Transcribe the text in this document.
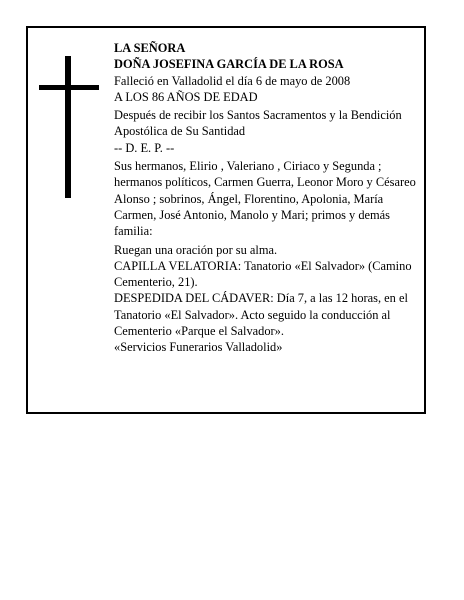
LA SEÑORA

DOÑA JOSEFINA GARCÍA DE LA ROSA

Falleció en Valladolid el día 6 de mayo de 2008

A LOS 86 AÑOS DE EDAD

Después de recibir los Santos Sacramentos y la Bendición Apostólica de Su Santidad

-- D. E. P. --

Sus hermanos, Elirio , Valeriano , Ciriaco y Segunda ; hermanos políticos, Carmen Guerra, Leonor Moro y Césareo Alonso ; sobrinos, Ángel, Florentino, Apolonia, María Carmen, José Antonio, Manolo y Mari; primos y demás familia:

Ruegan una oración por su alma.

CAPILLA VELATORIA: Tanatorio «El Salvador» (Camino Cementerio, 21).

DESPEDIDA DEL CÁDAVER: Día 7, a las 12 horas, en el Tanatorio «El Salvador». Acto seguido la conducción al Cementerio «Parque el Salvador».

«Servicios Funerarios Valladolid»
